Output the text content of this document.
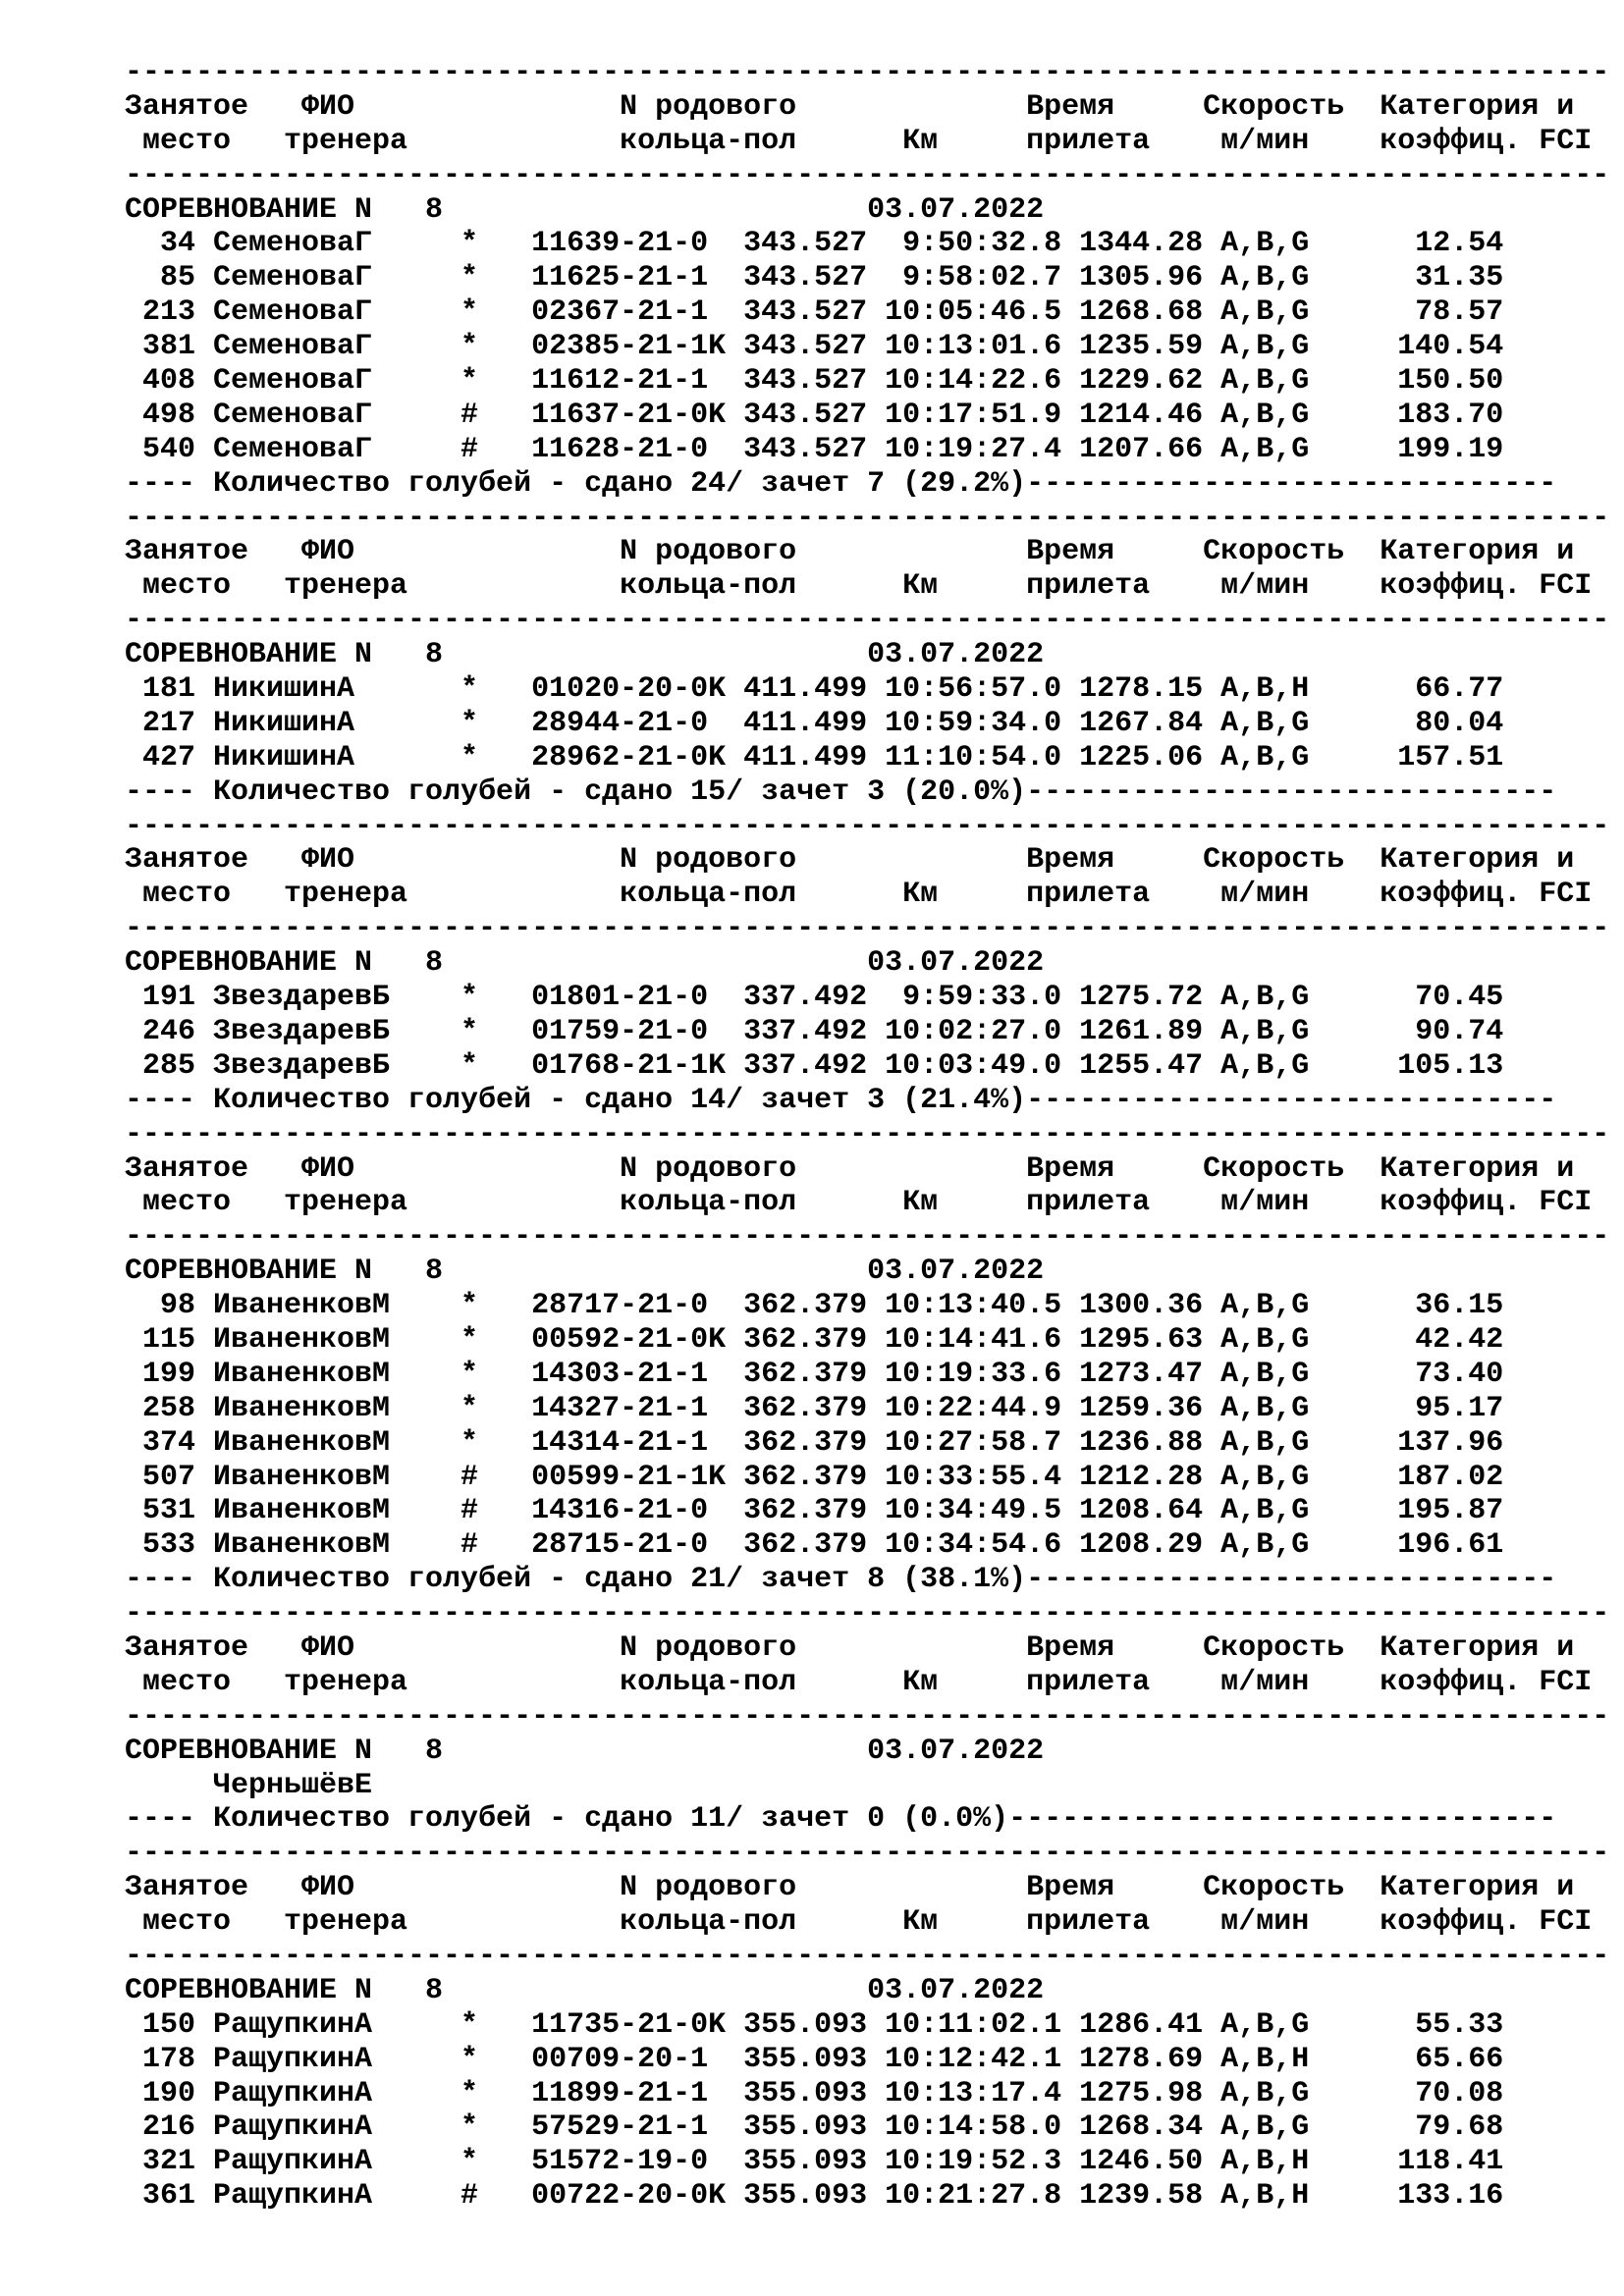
------------------------------------------------------------------------------------
Занятое   ФИО               N родового             Время     Скорость  Категория и
место   тренера            кольца-пол      Км     прилета    м/мин    коэффиц. FCI
------------------------------------------------------------------------------------
СОРЕВНОВАНИЕ N   8                        03.07.2022
34 СеменоваГ     *   11639-21-0  343.527  9:50:32.8 1344.28 A,B,G      12.54
85 СеменоваГ     *   11625-21-1  343.527  9:58:02.7 1305.96 A,B,G      31.35
213 СеменоваГ     *   02367-21-1  343.527 10:05:46.5 1268.68 A,B,G      78.57
381 СеменоваГ     *   02385-21-1K 343.527 10:13:01.6 1235.59 A,B,G     140.54
408 СеменоваГ     *   11612-21-1  343.527 10:14:22.6 1229.62 A,B,G     150.50
498 СеменоваГ     #   11637-21-0K 343.527 10:17:51.9 1214.46 A,B,G     183.70
540 СеменоваГ     #   11628-21-0  343.527 10:19:27.4 1207.66 A,B,G     199.19
---- Количество голубей - сдано 24/ зачет 7 (29.2%)------------------------------
------------------------------------------------------------------------------------
Занятое   ФИО               N родового             Время     Скорость  Категория и
место   тренера            кольца-пол      Км     прилета    м/мин    коэффиц. FCI
------------------------------------------------------------------------------------
СОРЕВНОВАНИЕ N   8                        03.07.2022
181 НикишинА      *   01020-20-0K 411.499 10:56:57.0 1278.15 A,B,H      66.77
217 НикишинА      *   28944-21-0  411.499 10:59:34.0 1267.84 A,B,G      80.04
427 НикишинА      *   28962-21-0K 411.499 11:10:54.0 1225.06 A,B,G     157.51
---- Количество голубей - сдано 15/ зачет 3 (20.0%)------------------------------
------------------------------------------------------------------------------------
Занятое   ФИО               N родового             Время     Скорость  Категория и
место   тренера            кольца-пол      Км     прилета    м/мин    коэффиц. FCI
------------------------------------------------------------------------------------
СОРЕВНОВАНИЕ N   8                        03.07.2022
191 ЗвездаревБ    *   01801-21-0  337.492  9:59:33.0 1275.72 A,B,G      70.45
246 ЗвездаревБ    *   01759-21-0  337.492 10:02:27.0 1261.89 A,B,G      90.74
285 ЗвездаревБ    *   01768-21-1K 337.492 10:03:49.0 1255.47 A,B,G     105.13
---- Количество голубей - сдано 14/ зачет 3 (21.4%)------------------------------
------------------------------------------------------------------------------------
Занятое   ФИО               N родового             Время     Скорость  Категория и
место   тренера            кольца-пол      Км     прилета    м/мин    коэффиц. FCI
------------------------------------------------------------------------------------
СОРЕВНОВАНИЕ N   8                        03.07.2022
98 ИваненковМ    *   28717-21-0  362.379 10:13:40.5 1300.36 A,B,G      36.15
115 ИваненковМ    *   00592-21-0K 362.379 10:14:41.6 1295.63 A,B,G      42.42
199 ИваненковМ    *   14303-21-1  362.379 10:19:33.6 1273.47 A,B,G      73.40
258 ИваненковМ    *   14327-21-1  362.379 10:22:44.9 1259.36 A,B,G      95.17
374 ИваненковМ    *   14314-21-1  362.379 10:27:58.7 1236.88 A,B,G     137.96
507 ИваненковМ    #   00599-21-1K 362.379 10:33:55.4 1212.28 A,B,G     187.02
531 ИваненковМ    #   14316-21-0  362.379 10:34:49.5 1208.64 A,B,G     195.87
533 ИваненковМ    #   28715-21-0  362.379 10:34:54.6 1208.29 A,B,G     196.61
---- Количество голубей - сдано 21/ зачет 8 (38.1%)------------------------------
------------------------------------------------------------------------------------
Занятое   ФИО               N родового             Время     Скорость  Категория и
место   тренера            кольца-пол      Км     прилета    м/мин    коэффиц. FCI
------------------------------------------------------------------------------------
СОРЕВНОВАНИЕ N   8                        03.07.2022
ЧерньшёвЕ
---- Количество голубей - сдано 11/ зачет 0 (0.0%)-------------------------------
------------------------------------------------------------------------------------
Занятое   ФИО               N родового             Время     Скорость  Категория и
место   тренера            кольца-пол      Км     прилета    м/мин    коэффиц. FCI
------------------------------------------------------------------------------------
СОРЕВНОВАНИЕ N   8                        03.07.2022
150 РащупкинА     *   11735-21-0K 355.093 10:11:02.1 1286.41 A,B,G      55.33
178 РащупкинА     *   00709-20-1  355.093 10:12:42.1 1278.69 A,B,H      65.66
190 РащупкинА     *   11899-21-1  355.093 10:13:17.4 1275.98 A,B,G      70.08
216 РащупкинА     *   57529-21-1  355.093 10:14:58.0 1268.34 A,B,G      79.68
321 РащупкинА     *   51572-19-0  355.093 10:19:52.3 1246.50 A,B,H     118.41
361 РащупкинА     #   00722-20-0K 355.093 10:21:27.8 1239.58 A,B,H     133.16
